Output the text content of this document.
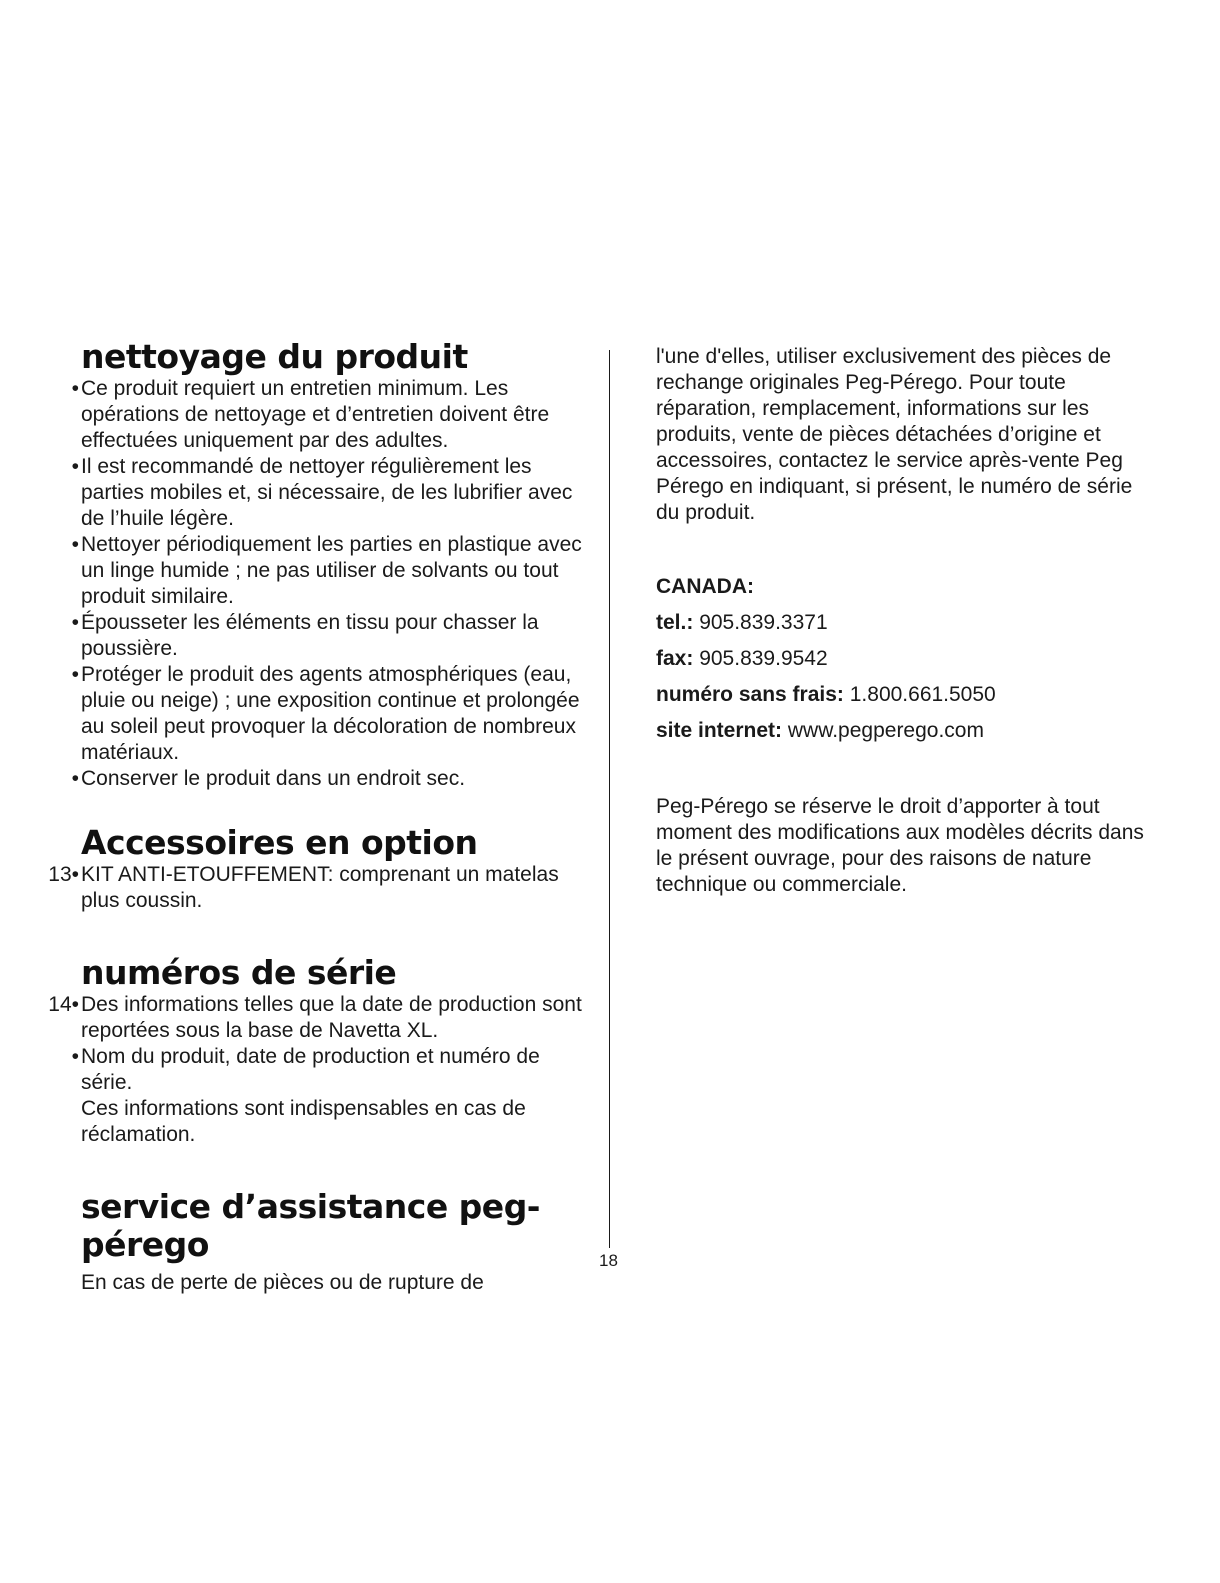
nettoyage du produit
• Ce produit requiert un entretien minimum. Les opérations de nettoyage et d’entretien doivent être effectuées uniquement par des adultes.
• Il est recommandé de nettoyer régulièrement les parties mobiles et, si nécessaire, de les lubrifier avec de l’huile légère.
• Nettoyer périodiquement les parties en plastique avec un linge humide ; ne pas utiliser de solvants ou tout produit similaire.
• Épousseter les éléments en tissu pour chasser la poussière.
• Protéger le produit des agents atmosphériques (eau, pluie ou neige) ; une exposition continue et prolongée au soleil peut provoquer la décoloration de nombreux matériaux.
• Conserver le produit dans un endroit sec.
Accessoires en option
13• KIT ANTI-ETOUFFEMENT: comprenant un matelas plus coussin.
numéros de série
14• Des informations telles que la date de production sont reportées sous la base de Navetta XL.
• Nom du produit, date de production et numéro de série.
Ces informations sont indispensables en cas de réclamation.
service d’assistance peg-pérego
En cas de perte de pièces ou de rupture de

l'une d'elles, utiliser exclusivement des pièces de rechange originales Peg-Pérego. Pour toute réparation, remplacement, informations sur les produits, vente de pièces détachées d’origine et accessoires, contactez le service après-vente Peg Pérego en indiquant, si présent, le numéro de série du produit.

CANADA:
tel.: 905.839.3371
fax: 905.839.9542
numéro sans frais: 1.800.661.5050
site internet: www.pegperego.com

Peg-Pérego se réserve le droit d’apporter à tout moment des modifications aux modèles décrits dans le présent ouvrage, pour des raisons de nature technique ou commerciale.

18
